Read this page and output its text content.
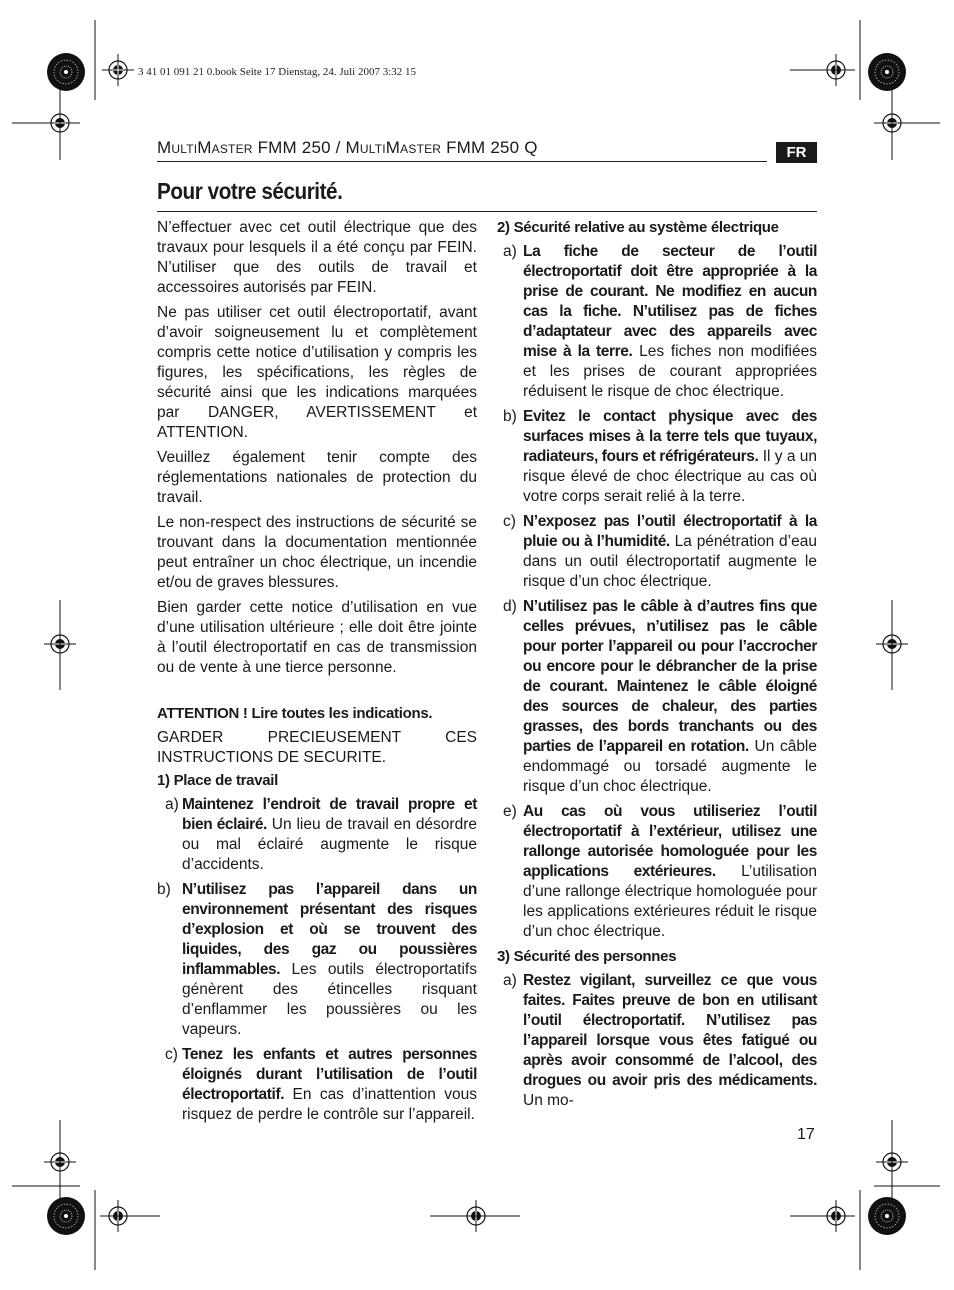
3 41 01 091 21 0.book Seite 17 Dienstag, 24. Juli 2007 3:32 15
MultiMaster FMM 250 / MultiMaster FMM 250 Q	FR
Pour votre sécurité.

N’effectuer avec cet outil électrique que des travaux pour lesquels il a été conçu par FEIN. N’utiliser que des outils de travail et accessoires autorisés par FEIN.

Ne pas utiliser cet outil électroportatif, avant d’avoir soigneusement lu et complètement compris cette notice d’utilisation y compris les figures, les spécifications, les règles de sécurité ainsi que les indications marquées par DANGER, AVERTISSEMENT et ATTENTION.

Veuillez également tenir compte des réglementations nationales de protection du travail.

Le non-respect des instructions de sécurité se trouvant dans la documentation mentionnée peut entraîner un choc électrique, un incendie et/ou de graves blessures.

Bien garder cette notice d’utilisation en vue d’une utilisation ultérieure ; elle doit être jointe à l’outil électroportatif en cas de transmission ou de vente à une tierce personne.

ATTENTION ! Lire toutes les indications.

GARDER PRECIEUSEMENT CES INSTRUCTIONS DE SECURITE.

1) Place de travail
a) Maintenez l’endroit de travail propre et bien éclairé. Un lieu de travail en désordre ou mal éclairé augmente le risque d’accidents.
b) N’utilisez pas l’appareil dans un environnement présentant des risques d’explosion et où se trouvent des liquides, des gaz ou poussières inflammables. Les outils électroportatifs génèrent des étincelles risquant d’enflammer les poussières ou les vapeurs.
c) Tenez les enfants et autres personnes éloignés durant l’utilisation de l’outil électroportatif. En cas d’inattention vous risquez de perdre le contrôle sur l’appareil.
2) Sécurité relative au système électrique
a) La fiche de secteur de l’outil électroportatif doit être appropriée à la prise de courant. Ne modifiez en aucun cas la fiche. N’utilisez pas de fiches d’adaptateur avec des appareils avec mise à la terre. Les fiches non modifiées et les prises de courant appropriées réduisent le risque de choc électrique.
b) Evitez le contact physique avec des surfaces mises à la terre tels que tuyaux, radiateurs, fours et réfrigérateurs. Il y a un risque élevé de choc électrique au cas où votre corps serait relié à la terre.
c) N’exposez pas l’outil électroportatif à la pluie ou à l’humidité. La pénétration d’eau dans un outil électroportatif augmente le risque d’un choc électrique.
d) N’utilisez pas le câble à d’autres fins que celles prévues, n’utilisez pas le câble pour porter l’appareil ou pour l’accrocher ou encore pour le débrancher de la prise de courant. Maintenez le câble éloigné des sources de chaleur, des parties grasses, des bords tranchants ou des parties de l’appareil en rotation. Un câble endommagé ou torsadé augmente le risque d’un choc électrique.
e) Au cas où vous utiliseriez l’outil électroportatif à l’extérieur, utilisez une rallonge autorisée homologuée pour les applications extérieures. L’utilisation d’une rallonge électrique homologuée pour les applications extérieures réduit le risque d’un choc électrique.
3) Sécurité des personnes
a) Restez vigilant, surveillez ce que vous faites. Faites preuve de bon en utilisant l’outil électroportatif. N’utilisez pas l’appareil lorsque vous êtes fatigué ou après avoir consommé de l’alcool, des drogues ou avoir pris des médicaments. Un mo-
17
